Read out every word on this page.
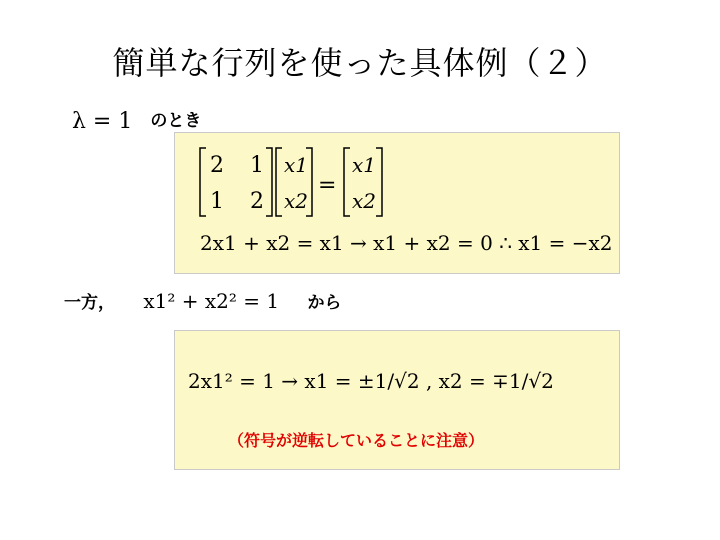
簡単な行列を使った具体例（２）
λ = 1 のとき
2 1
1 2
x1
x2
=
x1
x2
2x1 + x2 = x1 → x1 + x2 = 0 ∴ x1 = −x2
2x1² = 1 → x1 = ±1/√2 , x2 = ∓1/√2
一方， x1² + x2² = 1 から
（符号が逆転していることに注意）
